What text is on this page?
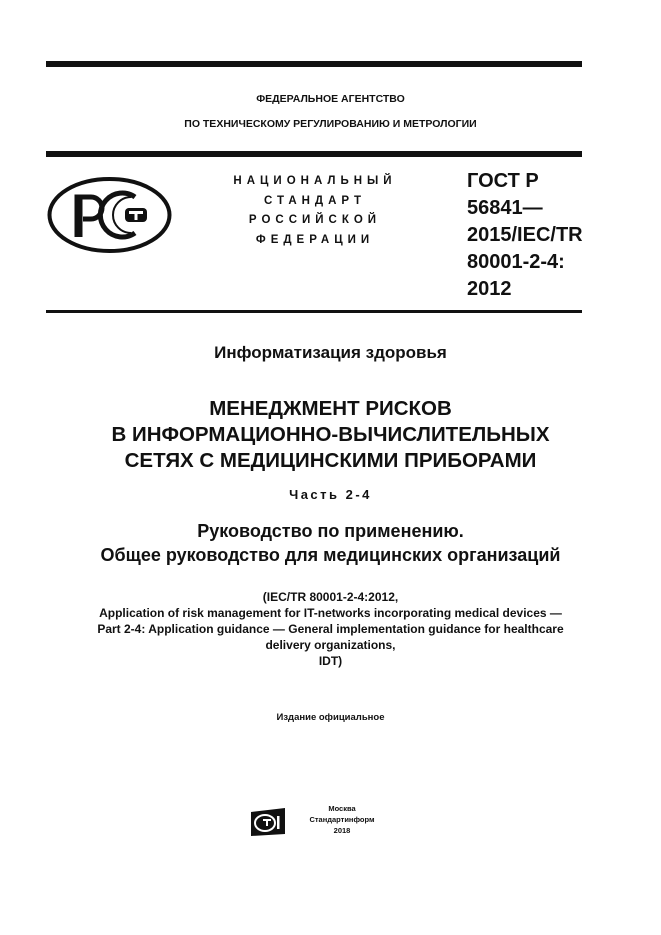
ФЕДЕРАЛЬНОЕ АГЕНТСТВО
ПО ТЕХНИЧЕСКОМУ РЕГУЛИРОВАНИЮ И МЕТРОЛОГИИ
НАЦИОНАЛЬНЫЙ
СТАНДАРТ
РОССИЙСКОЙ
ФЕДЕРАЦИИ
ГОСТ Р
56841—
2015/IEC/TR
80001-2-4:
2012
Информатизация здоровья
МЕНЕДЖМЕНТ РИСКОВ
В ИНФОРМАЦИОННО-ВЫЧИСЛИТЕЛЬНЫХ
СЕТЯХ С МЕДИЦИНСКИМИ ПРИБОРАМИ
Часть 2-4
Руководство по применению.
Общее руководство для медицинских организаций
(IEC/TR 80001-2-4:2012,
Application of risk management for IT-networks incorporating medical devices —
Part 2-4: Application guidance — General implementation guidance for healthcare
delivery organizations,
IDT)
Издание официальное
Москва
Стандартинформ
2018
